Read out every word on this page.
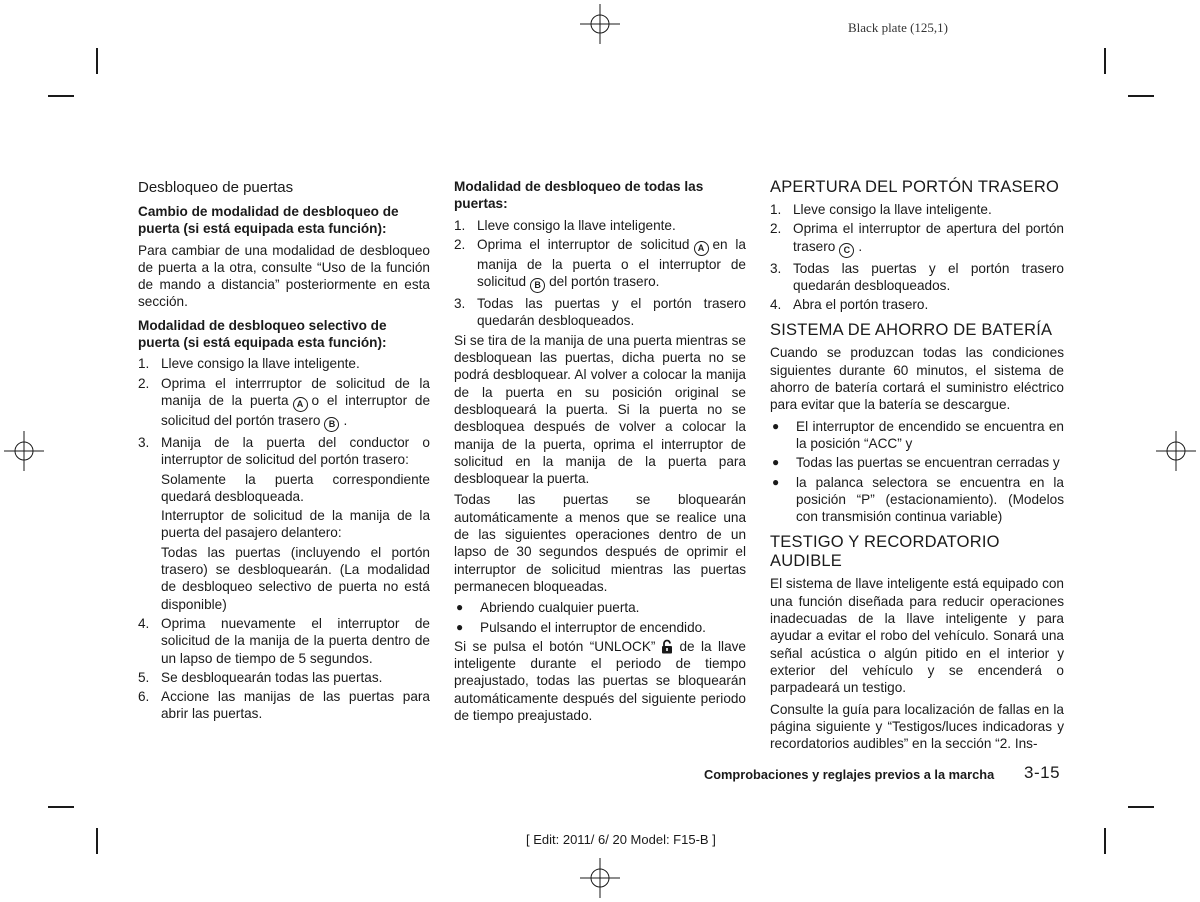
Black plate (125,1)
Desbloqueo de puertas
Cambio de modalidad de desbloqueo de puerta (si está equipada esta función):

Para cambiar de una modalidad de desbloqueo de puerta a la otra, consulte “Uso de la función de mando a distancia” posteriormente en esta sección.

Modalidad de desbloqueo selectivo de puerta (si está equipada esta función):
1. Lleve consigo la llave inteligente.
2. Oprima el interrruptor de solicitud de la manija de la puerta A o el interruptor de solicitud del portón trasero B .
3. Manija de la puerta del conductor o interruptor de solicitud del portón trasero:
Solamente la puerta correspondiente quedará desbloqueada.
Interruptor de solicitud de la manija de la puerta del pasajero delantero:
Todas las puertas (incluyendo el portón trasero) se desbloquearán. (La modalidad de desbloqueo selectivo de puerta no está disponible)
4. Oprima nuevamente el interruptor de solicitud de la manija de la puerta dentro de un lapso de tiempo de 5 segundos.
5. Se desbloquearán todas las puertas.
6. Accione las manijas de las puertas para abrir las puertas.
Modalidad de desbloqueo de todas las puertas:
1. Lleve consigo la llave inteligente.
2. Oprima el interruptor de solicitud A en la manija de la puerta o el interruptor de solicitud B del portón trasero.
3. Todas las puertas y el portón trasero quedarán desbloqueados.

Si se tira de la manija de una puerta mientras se desbloquean las puertas, dicha puerta no se podrá desbloquear. Al volver a colocar la manija de la puerta en su posición original se desbloqueará la puerta. Si la puerta no se desbloquea después de volver a colocar la manija de la puerta, oprima el interruptor de solicitud en la manija de la puerta para desbloquear la puerta.

Todas las puertas se bloquearán automáticamente a menos que se realice una de las siguientes operaciones dentro de un lapso de 30 segundos después de oprimir el interruptor de solicitud mientras las puertas permanecen bloqueadas.

●	Abriendo cualquier puerta.
●	Pulsando el interruptor de encendido.

Si se pulsa el botón “UNLOCK” de la llave inteligente durante el periodo de tiempo preajustado, todas las puertas se bloquearán automáticamente después del siguiente periodo de tiempo preajustado.

APERTURA DEL PORTÓN TRASERO
1. Lleve consigo la llave inteligente.
2. Oprima el interruptor de apertura del portón trasero C .
3. Todas las puertas y el portón trasero quedarán desbloqueados.
4. Abra el portón trasero.
SISTEMA DE AHORRO DE BATERÍA

Cuando se produzcan todas las condiciones siguientes durante 60 minutos, el sistema de ahorro de batería cortará el suministro eléctrico para evitar que la batería se descargue.

●	El interruptor de encendido se encuentra en la posición “ACC” y
●	Todas las puertas se encuentran cerradas y
●	la palanca selectora se encuentra en la posición “P” (estacionamiento). (Modelos con transmisión continua variable)
TESTIGO Y RECORDATORIO AUDIBLE

El sistema de llave inteligente está equipado con una función diseñada para reducir operaciones inadecuadas de la llave inteligente y para ayudar a evitar el robo del vehículo. Sonará una señal acústica o algún pitido en el interior y exterior del vehículo y se encenderá o parpadeará un testigo.

Consulte la guía para localización de fallas en la página siguiente y “Testigos/luces indicadoras y recordatorios audibles” en la sección “2. Ins-

Comprobaciones y reglajes previos a la marcha 3-15
[ Edit: 2011/ 6/ 20 Model: F15-B ]
